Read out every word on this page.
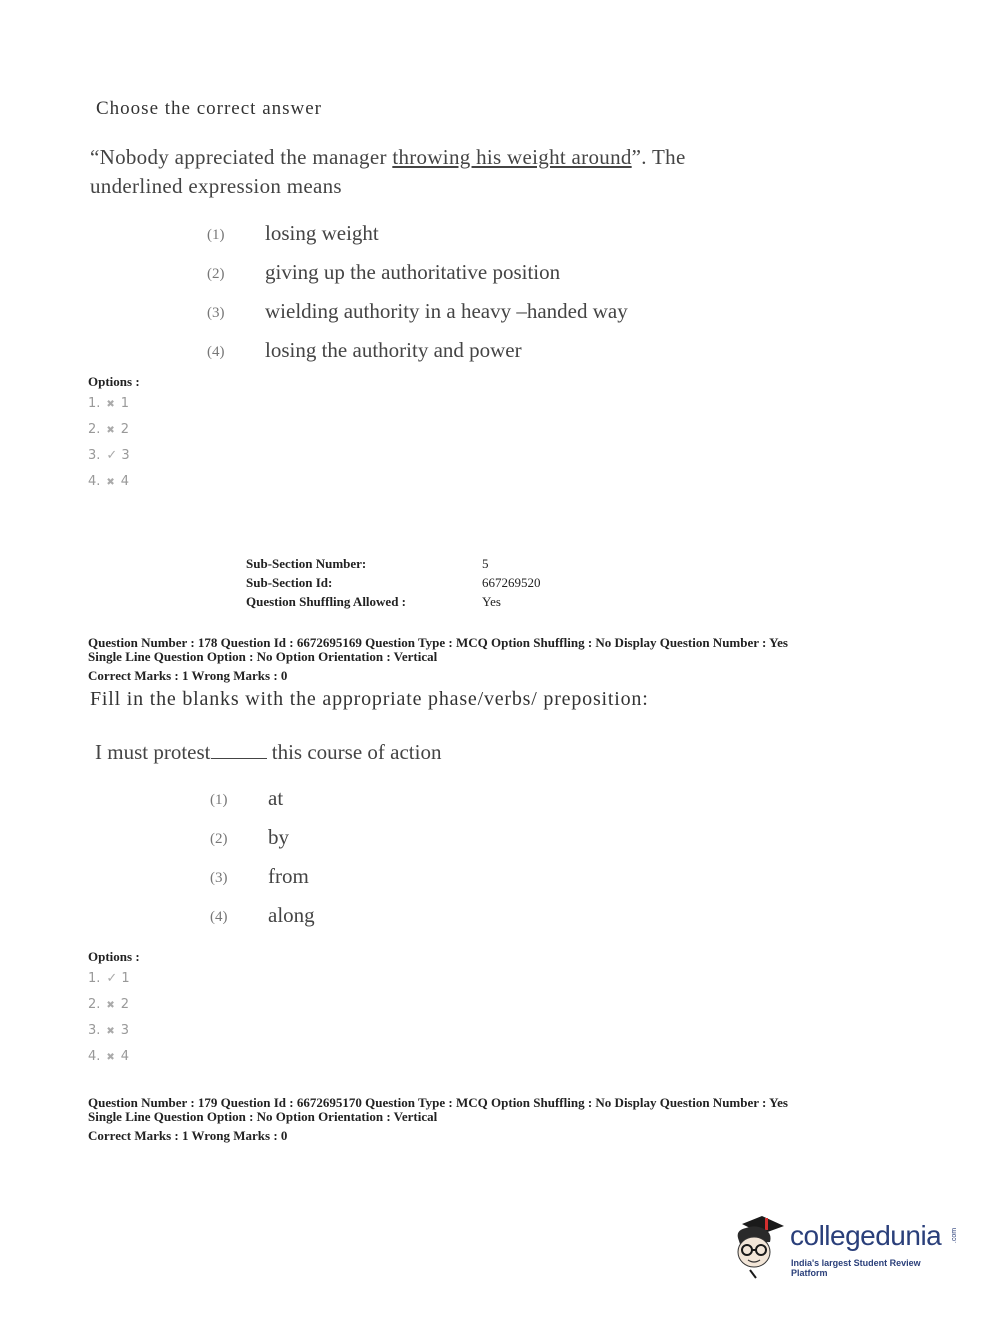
Choose the correct answer
“Nobody appreciated the manager throwing his weight around”. The
underlined expression means
(1) losing weight
(2) giving up the authoritative position
(3) wielding authority in a heavy –handed way
(4) losing the authority and power
Options :
1. ✖ 1
2. ✖ 2
3. ✓ 3
4. ✖ 4
Sub-Section Number:	5
Sub-Section Id:	667269520
Question Shuffling Allowed :	Yes
Question Number : 178 Question Id : 6672695169 Question Type : MCQ Option Shuffling : No Display Question Number : Yes
Single Line Question Option : No Option Orientation : Vertical
Correct Marks : 1 Wrong Marks : 0
Fill in the blanks with the appropriate phase/verbs/ preposition:
I must protest	this course of action
(1) at
(2) by
(3) from
(4) along
Options :
1. ✓ 1
2. ✖ 2
3. ✖ 3
4. ✖ 4
Question Number : 179 Question Id : 6672695170 Question Type : MCQ Option Shuffling : No Display Question Number : Yes
Single Line Question Option : No Option Orientation : Vertical
Correct Marks : 1 Wrong Marks : 0
collegedunia .com
India's largest Student Review Platform
